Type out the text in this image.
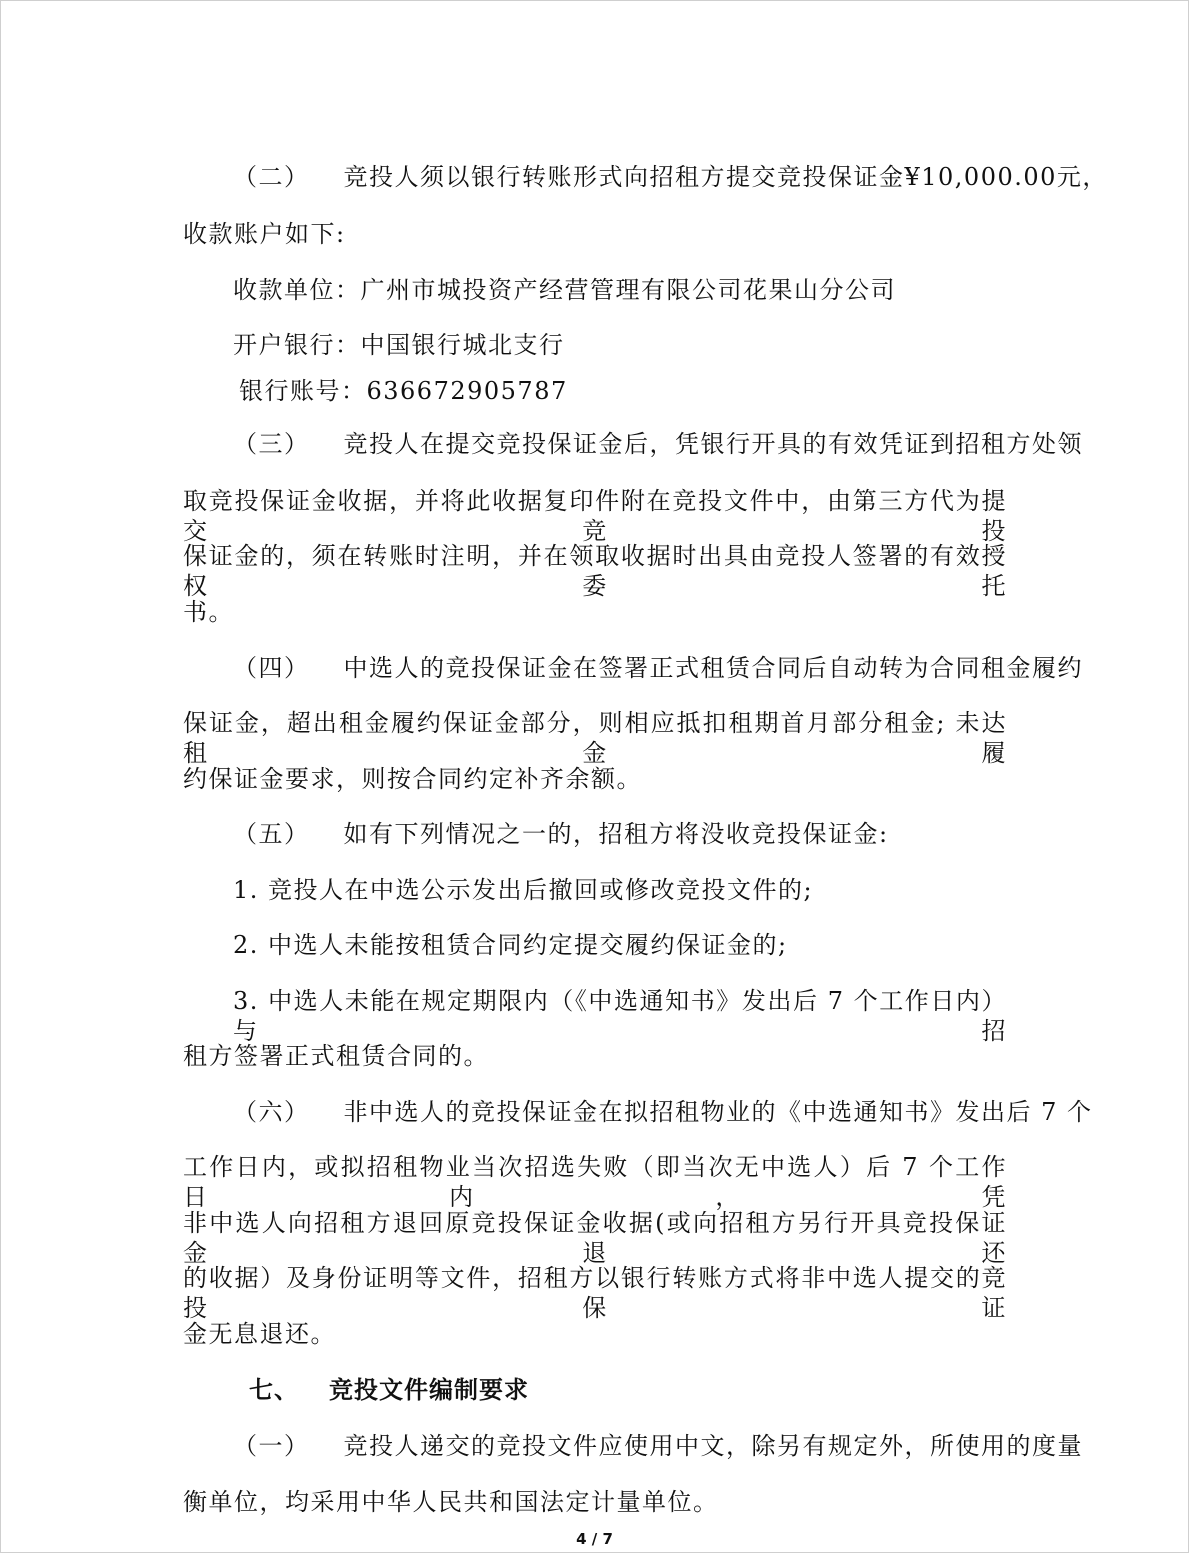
（二） 竞投人须以银行转账形式向招租方提交竞投保证金¥10,000.00元，
收款账户如下:
收款单位：广州市城投资产经营管理有限公司花果山分公司
开户银行：中国银行城北支行
银行账号：636672905787
（三） 竞投人在提交竞投保证金后，凭银行开具的有效凭证到招租方处领
取竞投保证金收据，并将此收据复印件附在竞投文件中，由第三方代为提交竞投
保证金的，须在转账时注明，并在领取收据时出具由竞投人签署的有效授权委托
书。
（四） 中选人的竞投保证金在签署正式租赁合同后自动转为合同租金履约
保证金，超出租金履约保证金部分，则相应抵扣租期首月部分租金; 未达租金履
约保证金要求，则按合同约定补齐余额。
（五） 如有下列情况之一的，招租方将没收竞投保证金:
1. 竞投人在中选公示发出后撤回或修改竞投文件的;
2. 中选人未能按租赁合同约定提交履约保证金的;
3. 中选人未能在规定期限内（《中选通知书》发出后 7 个工作日内）与招
租方签署正式租赁合同的。
（六） 非中选人的竞投保证金在拟招租物业的《中选通知书》发出后 7 个
工作日内，或拟招租物业当次招选失败（即当次无中选人）后 7 个工作日内，凭
非中选人向招租方退回原竞投保证金收据(或向招租方另行开具竞投保证金退还
的收据）及身份证明等文件，招租方以银行转账方式将非中选人提交的竞投保证
金无息退还。
七、 竞投文件编制要求
（一） 竞投人递交的竞投文件应使用中文，除另有规定外，所使用的度量
衡单位，均采用中华人民共和国法定计量单位。
4 / 7
